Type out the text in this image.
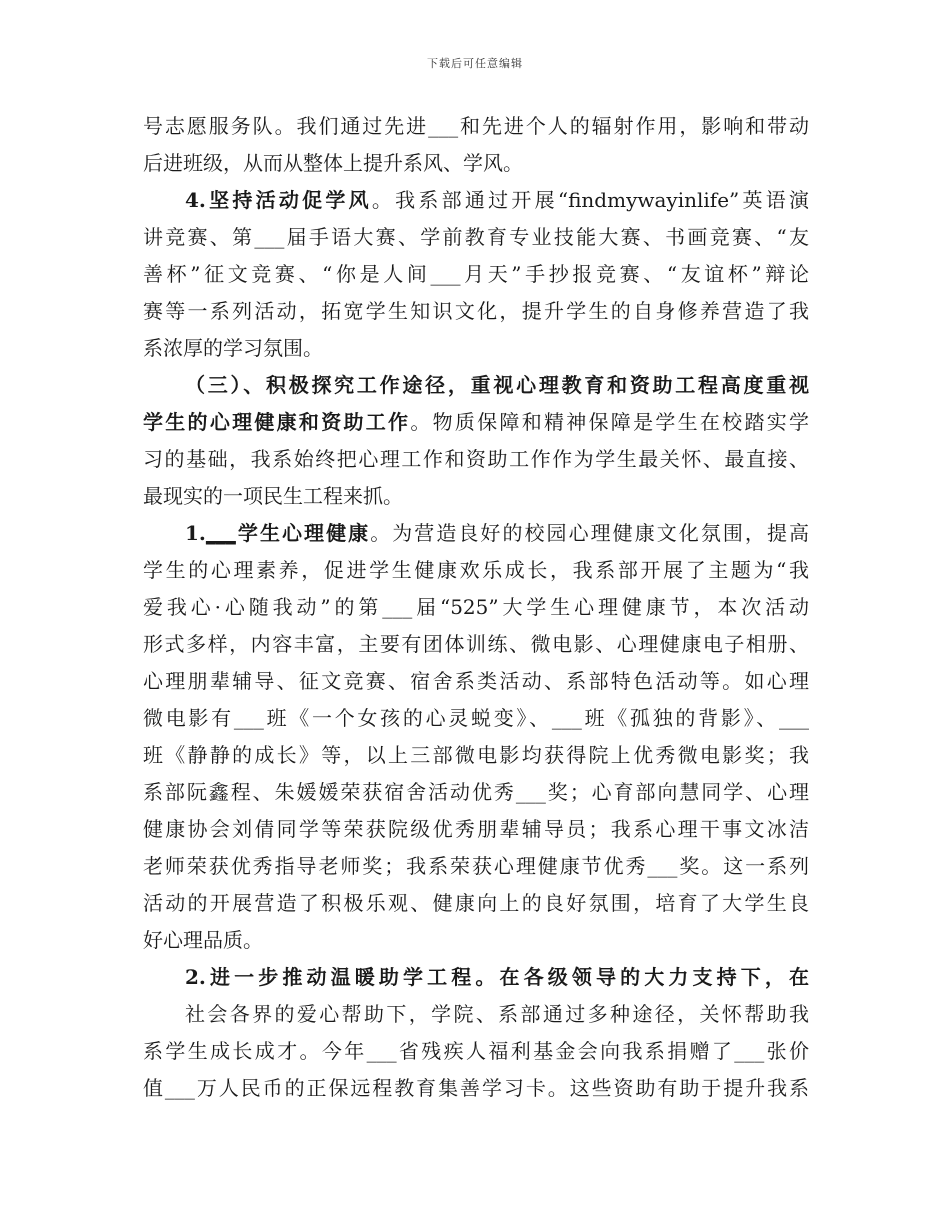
下载后可任意编辑
号志愿服务队。我们通过先进___和先进个人的辐射作用，影响和带动
后进班级，从而从整体上提升系风、学风。
4.坚持活动促学风。我系部通过开展“findmywayinlife”英语演
讲竞赛、第___届手语大赛、学前教育专业技能大赛、书画竞赛、“友
善杯”征文竞赛、“你是人间___月天”手抄报竞赛、“友谊杯”辩论
赛等一系列活动，拓宽学生知识文化，提升学生的自身修养营造了我
系浓厚的学习氛围。
（三）、积极探究工作途径，重视心理教育和资助工程高度重视
学生的心理健康和资助工作。物质保障和精神保障是学生在校踏实学
习的基础，我系始终把心理工作和资助工作作为学生最关怀、最直接、
最现实的一项民生工程来抓。
1.___学生心理健康。为营造良好的校园心理健康文化氛围，提高
学生的心理素养，促进学生健康欢乐成长，我系部开展了主题为“我
爱我心·心随我动”的第___届“525”大学生心理健康节，本次活动
形式多样，内容丰富，主要有团体训练、微电影、心理健康电子相册、
心理朋辈辅导、征文竞赛、宿舍系类活动、系部特色活动等。如心理
微电影有___班《一个女孩的心灵蜕变》、___班《孤独的背影》、___
班《静静的成长》等，以上三部微电影均获得院上优秀微电影奖；我
系部阮鑫程、朱媛媛荣获宿舍活动优秀___奖；心育部向慧同学、心理
健康协会刘倩同学等荣获院级优秀朋辈辅导员；我系心理干事文冰洁
老师荣获优秀指导老师奖；我系荣获心理健康节优秀___奖。这一系列
活动的开展营造了积极乐观、健康向上的良好氛围，培育了大学生良
好心理品质。
2.进一步推动温暖助学工程。在各级领导的大力支持下，在
社会各界的爱心帮助下，学院、系部通过多种途径，关怀帮助我
系学生成长成才。今年___省残疾人福利基金会向我系捐赠了___张价
值___万人民币的正保远程教育集善学习卡。这些资助有助于提升我系
